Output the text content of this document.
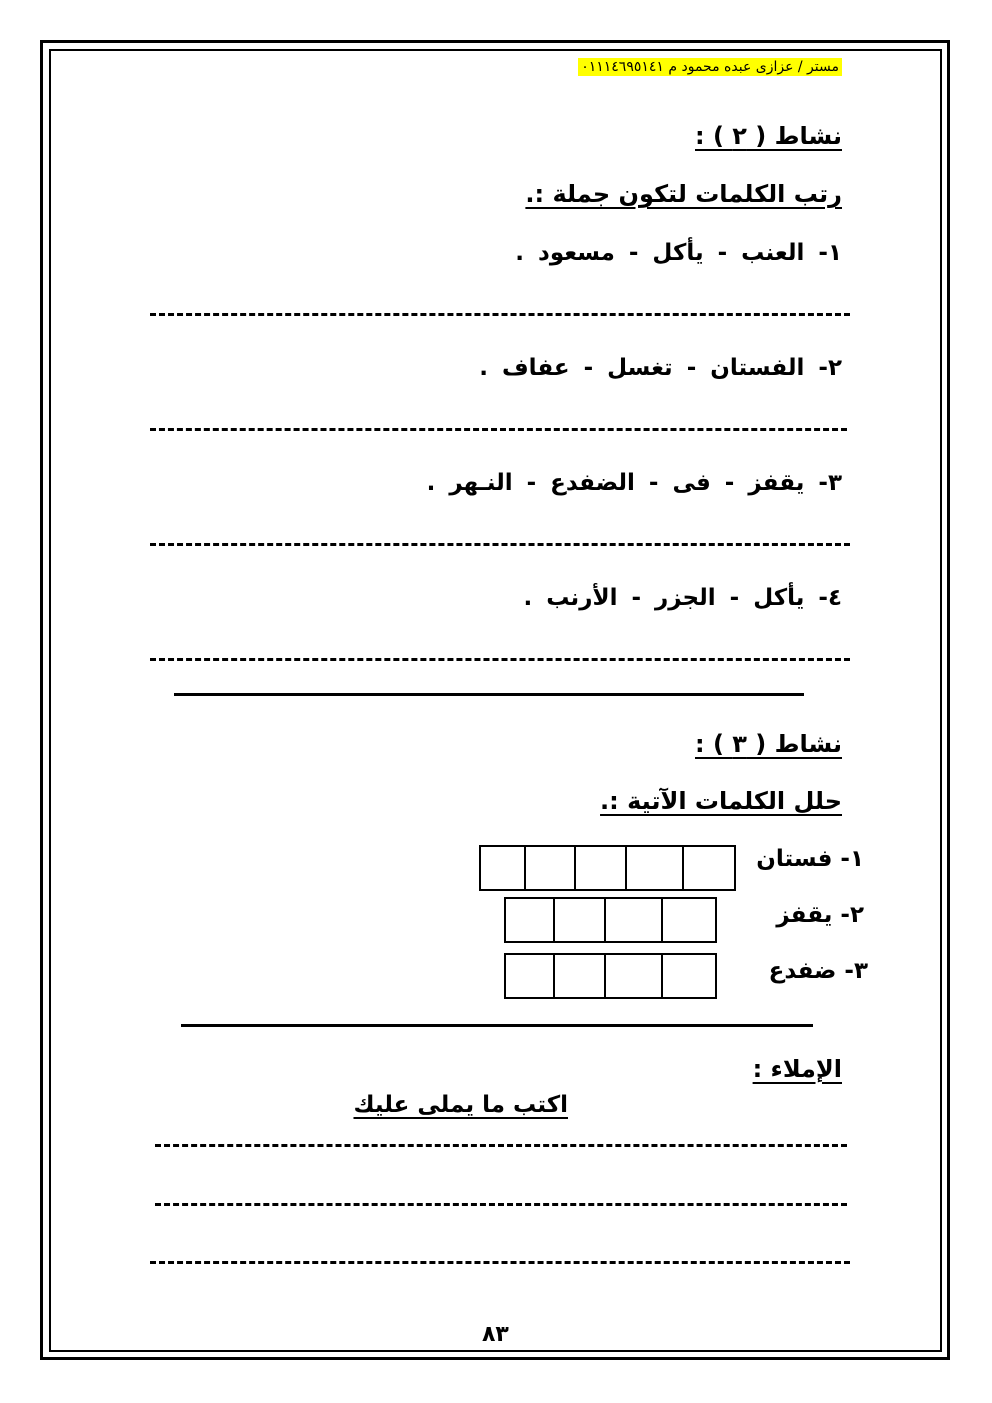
مستر / عزازى عبده محمود م ٠١١١٤٦٩٥١٤١
نشاط ( ٢ ) :
رتب الكلمات لتكون جملة :.
١- العنب - يأكل - مسعود .
٢- الفستان - تغسل - عفاف .
٣- يقفز - فى - الضفدع - النـهر .
٤- يأكل - الجزر - الأرنب .
نشاط ( ٣ ) :
حلل الكلمات الآتية :.
١- فستان
٢- يقفز
٣- ضفدع
الإملاء :
اكتب ما يملى عليك
٨٣
